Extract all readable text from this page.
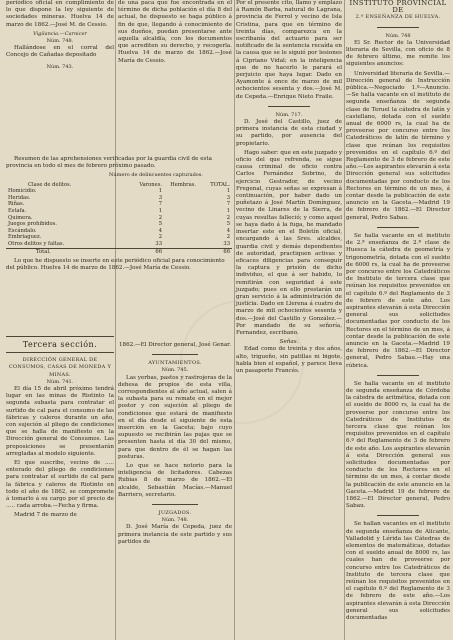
periódico oficial en cumplimiento de lo que dispone la ley siguiente de sociedades mineras. Huelva 14 de marzo de 1862.—José M. de Cessio.

Vigilancia.—Carnicer
Núm. 748.

Hallándose en el corral del Concejo de Cañadas depositado

Núm. 743.

de una paca que fue encontrada en el término de dicha población el día 8 del actual, he dispuesto se haga público á fin de que, llegando á conocimiento de sus dueños, puedan presentarse ante aquella alcaldía, con los documentos que acrediten su derecho, y recogerla. Huelva 14 de marzo de 1862.—José María de Cessio.

Resumen de las aprehensiones verificadas por la guardia civil de esta provincia en todo el mes de febrero próximo pasado.

Número de delincuentes capturados.
Clase de delitos.	Varones.	Hembras.	TOTAL.
Homicidio.	1		1
Heridas.	3		3
Riñas.	7		7
Estafa.	1		1
Quimera.	2		2
Juegos prohibidos.	5		5
Escándalo.	4		4
Embriaguez.	2		2
Otros delitos y faltas.	33		33
Total.	66		66

Lo que he dispuesto se inserte en este periódico oficial para conocimiento del público. Huelva 14 de marzo de 1862.—José María de Cessio.

Tercera sección.
DIRECCIÓN GENERAL DE CONSUMOS, CASAS DE MONEDA Y MINAS.
Núm. 741.

El día 15 de abril próximo tendrá lugar en las minas de Riotinto la segunda subasta para contratar el surtido de cal para el consumo de las fábricas y caleros durante un año, con sujeción al pliego de condiciones que se halla de manifiesto en la Dirección general de Consumos. Las proposiciones se presentarán arregladas al modelo siguiente.

El que suscribe, vecino de ..... enterado del pliego de condiciones para contratar el surtido de cal para la fábrica y caleros de Riotinto en todo el año de 1862, se compromete á tomarlo á su cargo por el precio de ..... cada arroba.—Fecha y firma.

Madrid 7 de marzo de

1862.—El Director general, José Genar.
AYUNTAMIENTOS.
Núm. 745.

Las yerbas, pastos y rastrojeras de la dehesa de propios de esta villa, correspondientes al año actual, salen á la subasta para su remate en el mejor postor y con sujeción al pliego de condiciones que estará de manifiesto en el día desde el siguiente de esta inserción en la Gaceta; bajo cuyo supuesto se recibirán las pujas que se presenten hasta el día 30 del mismo, para que dentro de él se hagan las posturas.

Lo que se hace notorio para la inteligencia de licitadores. Cabezas Rubias 8 de marzo de 1862.—El alcalde, Sebastián Macías.—Manuel Barriero, secretario.

JUZGADOS.
Núm. 748.

D. José María de Cepeda, juez de primera instancia de este partido y sus partidos de

Por el presente cito, llamo y emplazo á Ramón Barba, natural de Lagrana, provincia de Ferrol y vecino de Isla Cristina, para que en término de treinta días, comparezca en la escribanía del actuario para ser notificado de la sentencia recaída en la causa que se le siguió por lesiones á Cipriano Vidal; en la inteligencia que de no hacerlo le parará el perjuicio que haya lugar. Dado en Ayamonte á once de marzo de mil ochocientos sesenta y dos.—José M. de Cepeda.—Enrique Nieto Fraile.

Núm. 717.

D. José del Castillo, juez de primera instancia de esta ciudad y su partido, por ausencia del propietario.

Hago saber: que en este juzgado y oficio del que refrenda, se sigue causa criminal de oficio contra Carlos Fernández Sobrino, de ejercicio Gestrador, de vecino Fregenal, cuyas señas se expresan á continuación, por haber dado un puñetazo á José Martín Domínguez, vecino de Linares de la Sierra, de cuyas resultas falleció; y como aquel se haya dado á la fuga, he mandado insertar este en el Boletín oficial, encargando á las Sres. alcaldes, guardia civil y demás dependientes de autoridad, practiquen activas y eficaces diligencias para conseguir la captura y prisión de dicho individuo, el que á ser habido, lo remitirán con seguridad á este juzgado; pues en ello prestarán un gran servicio á la administración de justicia. Dado en Llerena á cuatro de marzo de mil ochocientos sesenta y dos.—José del Castillo y González.—Por mandado de su señoría, Fernandez, escribano.

Señas.

Edad como de treinta y dos años, alto, trigueño, sin patillas ni bigote, habla bien el español, y parece lleva un pasaporte Francés.

INSTITUTO PROVINCIAL DE
2.ª ENSEÑANZA DE HUELVA.
Núm. 748

El Sr. Rector de la Universidad literaria de Sevilla, con oficio de 8 de febrero último, me remite los siguientes anuncios:

Universidad literaria de Sevilla.—Dirección general de Instrucción pública.—Negociado 1.º—Anuncio.—Se halla vacante en el instituto de segunda enseñanza de segunda clase de Teruel la cátedra de latín y castellano, dotada con el sueldo anual de 6000 rs, la cual ha de proveerse por concurso entre los Catedráticos de latín de término y clase que reúnan los requisitos prevenidos en el capítulo 6.º del Reglamento de 3 de febrero de este año.—Los aspirantes elevarán á esta Dirección general sus solicitudes documentadas por conducto de los Rectores en término de un mes, á contar desde la publicación de este anuncio en la Gaceta.—Madrid 19 de febrero de 1862.—El Director general, Pedro Sabau.

Se halla vacante en el instituto de 2.ª enseñanza de 2.ª clase de Huesca la cátedra de geometría y trigonometría, dotada con el sueldo de 6000 rs, la cual ha de proveerse por concurso entre los Catedráticos de Instituto de tercera clase que reúnan los requisitos prevenidos en el capítulo 6.º del Reglamento de 3 de febrero de este año. Los aspirantes elevarán á esta Dirección general sus solicitudes documentadas por conducto de los Rectores en el término de un mes, á contar desde la publicación de este anuncio en la Gaceta.—Madrid 19 de febrero de 1862.—El Director general, Pedro Sabau.—Hay una rúbrica.

Se halla vacante en el instituto de segunda enseñanza de Córdoba la cátedra de aritmética, dotada con el sueldo de 8000 rs, la cual ha de proveerse por concurso entre los Catedráticos de Institutos de tercera clase que reúnan los requisitos prevenidos en el capítulo 6.º del Reglamento de 3 de febrero de este año. Los aspirantes elevarán á esta Dirección general sus solicitudes documentadas por conducto de los Rectores en el término de un mes, á contar desde la publicación de este anuncio en la Gaceta.—Madrid 19 de febrero de 1862.—El Director general, Pedro Sabau.

Se hallan vacantes en el instituto de segunda enseñanza de Alicante, Valladolid y Lérida las Cátedras de elementos de matemáticas, dotadas con el sueldo anual de 8000 rs, las cuales han de proveerse por concurso entre los Catedráticos de Instituto de tercera clase que reúnan los requisitos prevenidos en el capítulo 6.º del Reglamento de 3 de febrero de este año.—Los aspirantes elevarán á esta Dirección general sus solicitudes documentadas
